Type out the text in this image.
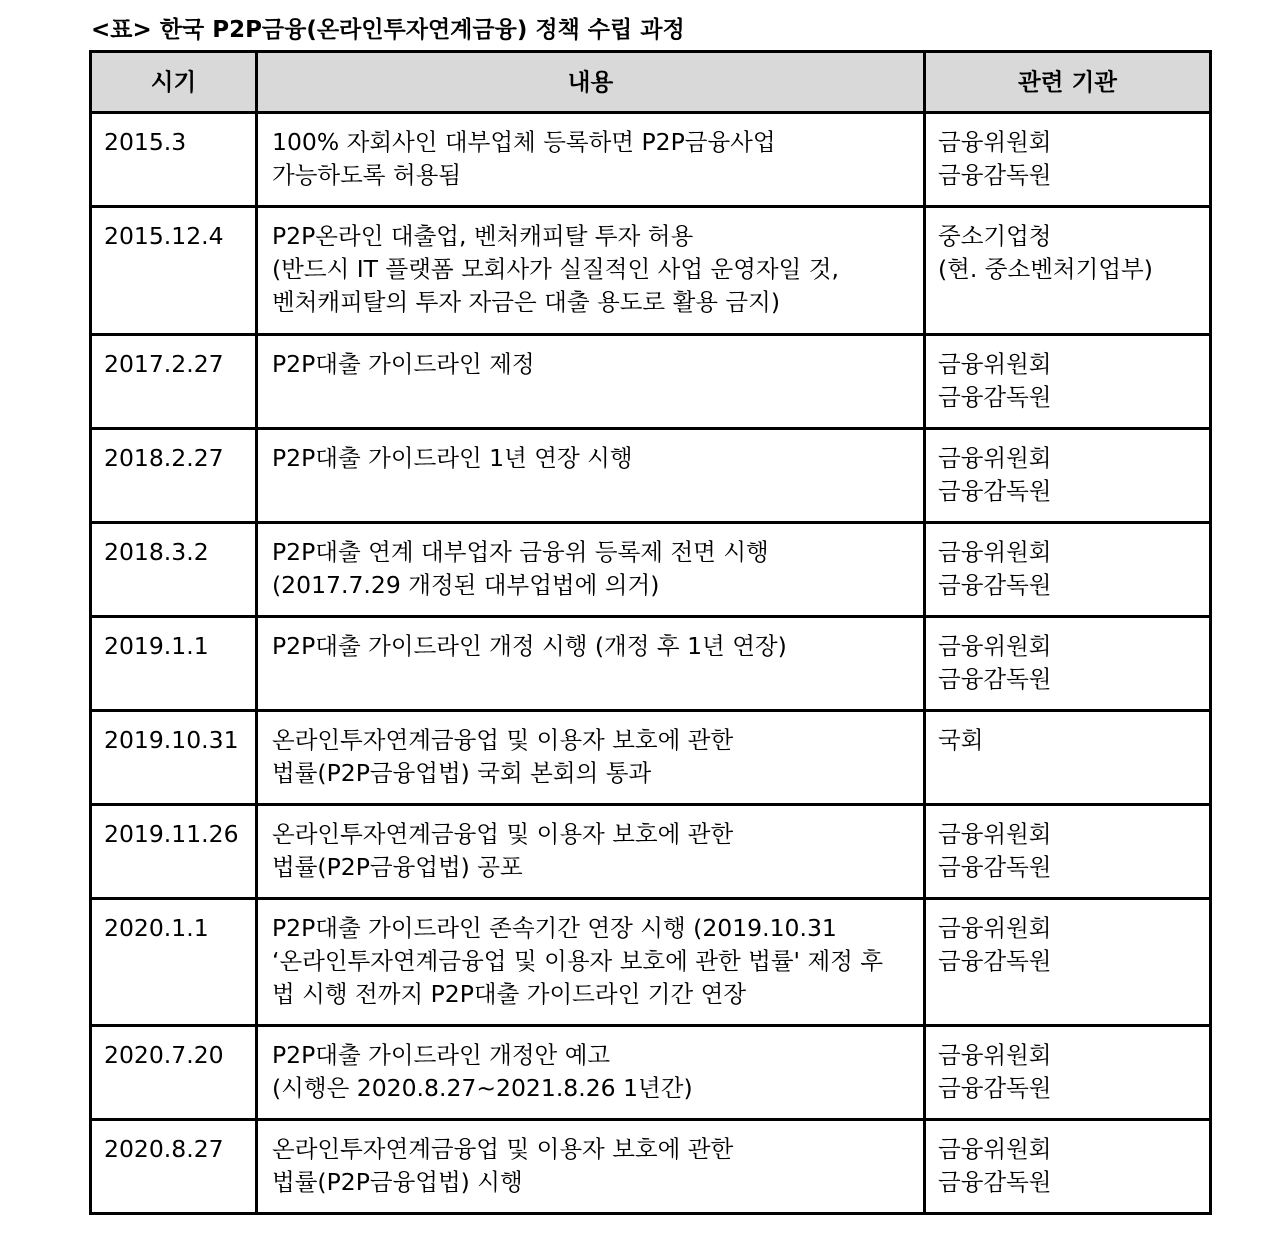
<표> 한국 P2P금융(온라인투자연계금융) 정책 수립 과정
시기	내용	관련 기관
2015.3	100% 자회사인 대부업체 등록하면 P2P금융사업
가능하도록 허용됨	금융위원회
금융감독원
2015.12.4	P2P온라인 대출업, 벤처캐피탈 투자 허용
(반드시 IT 플랫폼 모회사가 실질적인 사업 운영자일 것,
벤처캐피탈의 투자 자금은 대출 용도로 활용 금지)	중소기업청
(현. 중소벤처기업부)
2017.2.27	P2P대출 가이드라인 제정	금융위원회
금융감독원
2018.2.27	P2P대출 가이드라인 1년 연장 시행	금융위원회
금융감독원
2018.3.2	P2P대출 연계 대부업자 금융위 등록제 전면 시행
(2017.7.29 개정된 대부업법에 의거)	금융위원회
금융감독원
2019.1.1	P2P대출 가이드라인 개정 시행 (개정 후 1년 연장)	금융위원회
금융감독원
2019.10.31	온라인투자연계금융업 및 이용자 보호에 관한
법률(P2P금융업법) 국회 본회의 통과	국회
2019.11.26	온라인투자연계금융업 및 이용자 보호에 관한
법률(P2P금융업법) 공포	금융위원회
금융감독원
2020.1.1	P2P대출 가이드라인 존속기간 연장 시행 (2019.10.31
‘온라인투자연계금융업 및 이용자 보호에 관한 법률' 제정 후
법 시행 전까지 P2P대출 가이드라인 기간 연장	금융위원회
금융감독원
2020.7.20	P2P대출 가이드라인 개정안 예고
(시행은 2020.8.27~2021.8.26 1년간)	금융위원회
금융감독원
2020.8.27	온라인투자연계금융업 및 이용자 보호에 관한
법률(P2P금융업법) 시행	금융위원회
금융감독원
